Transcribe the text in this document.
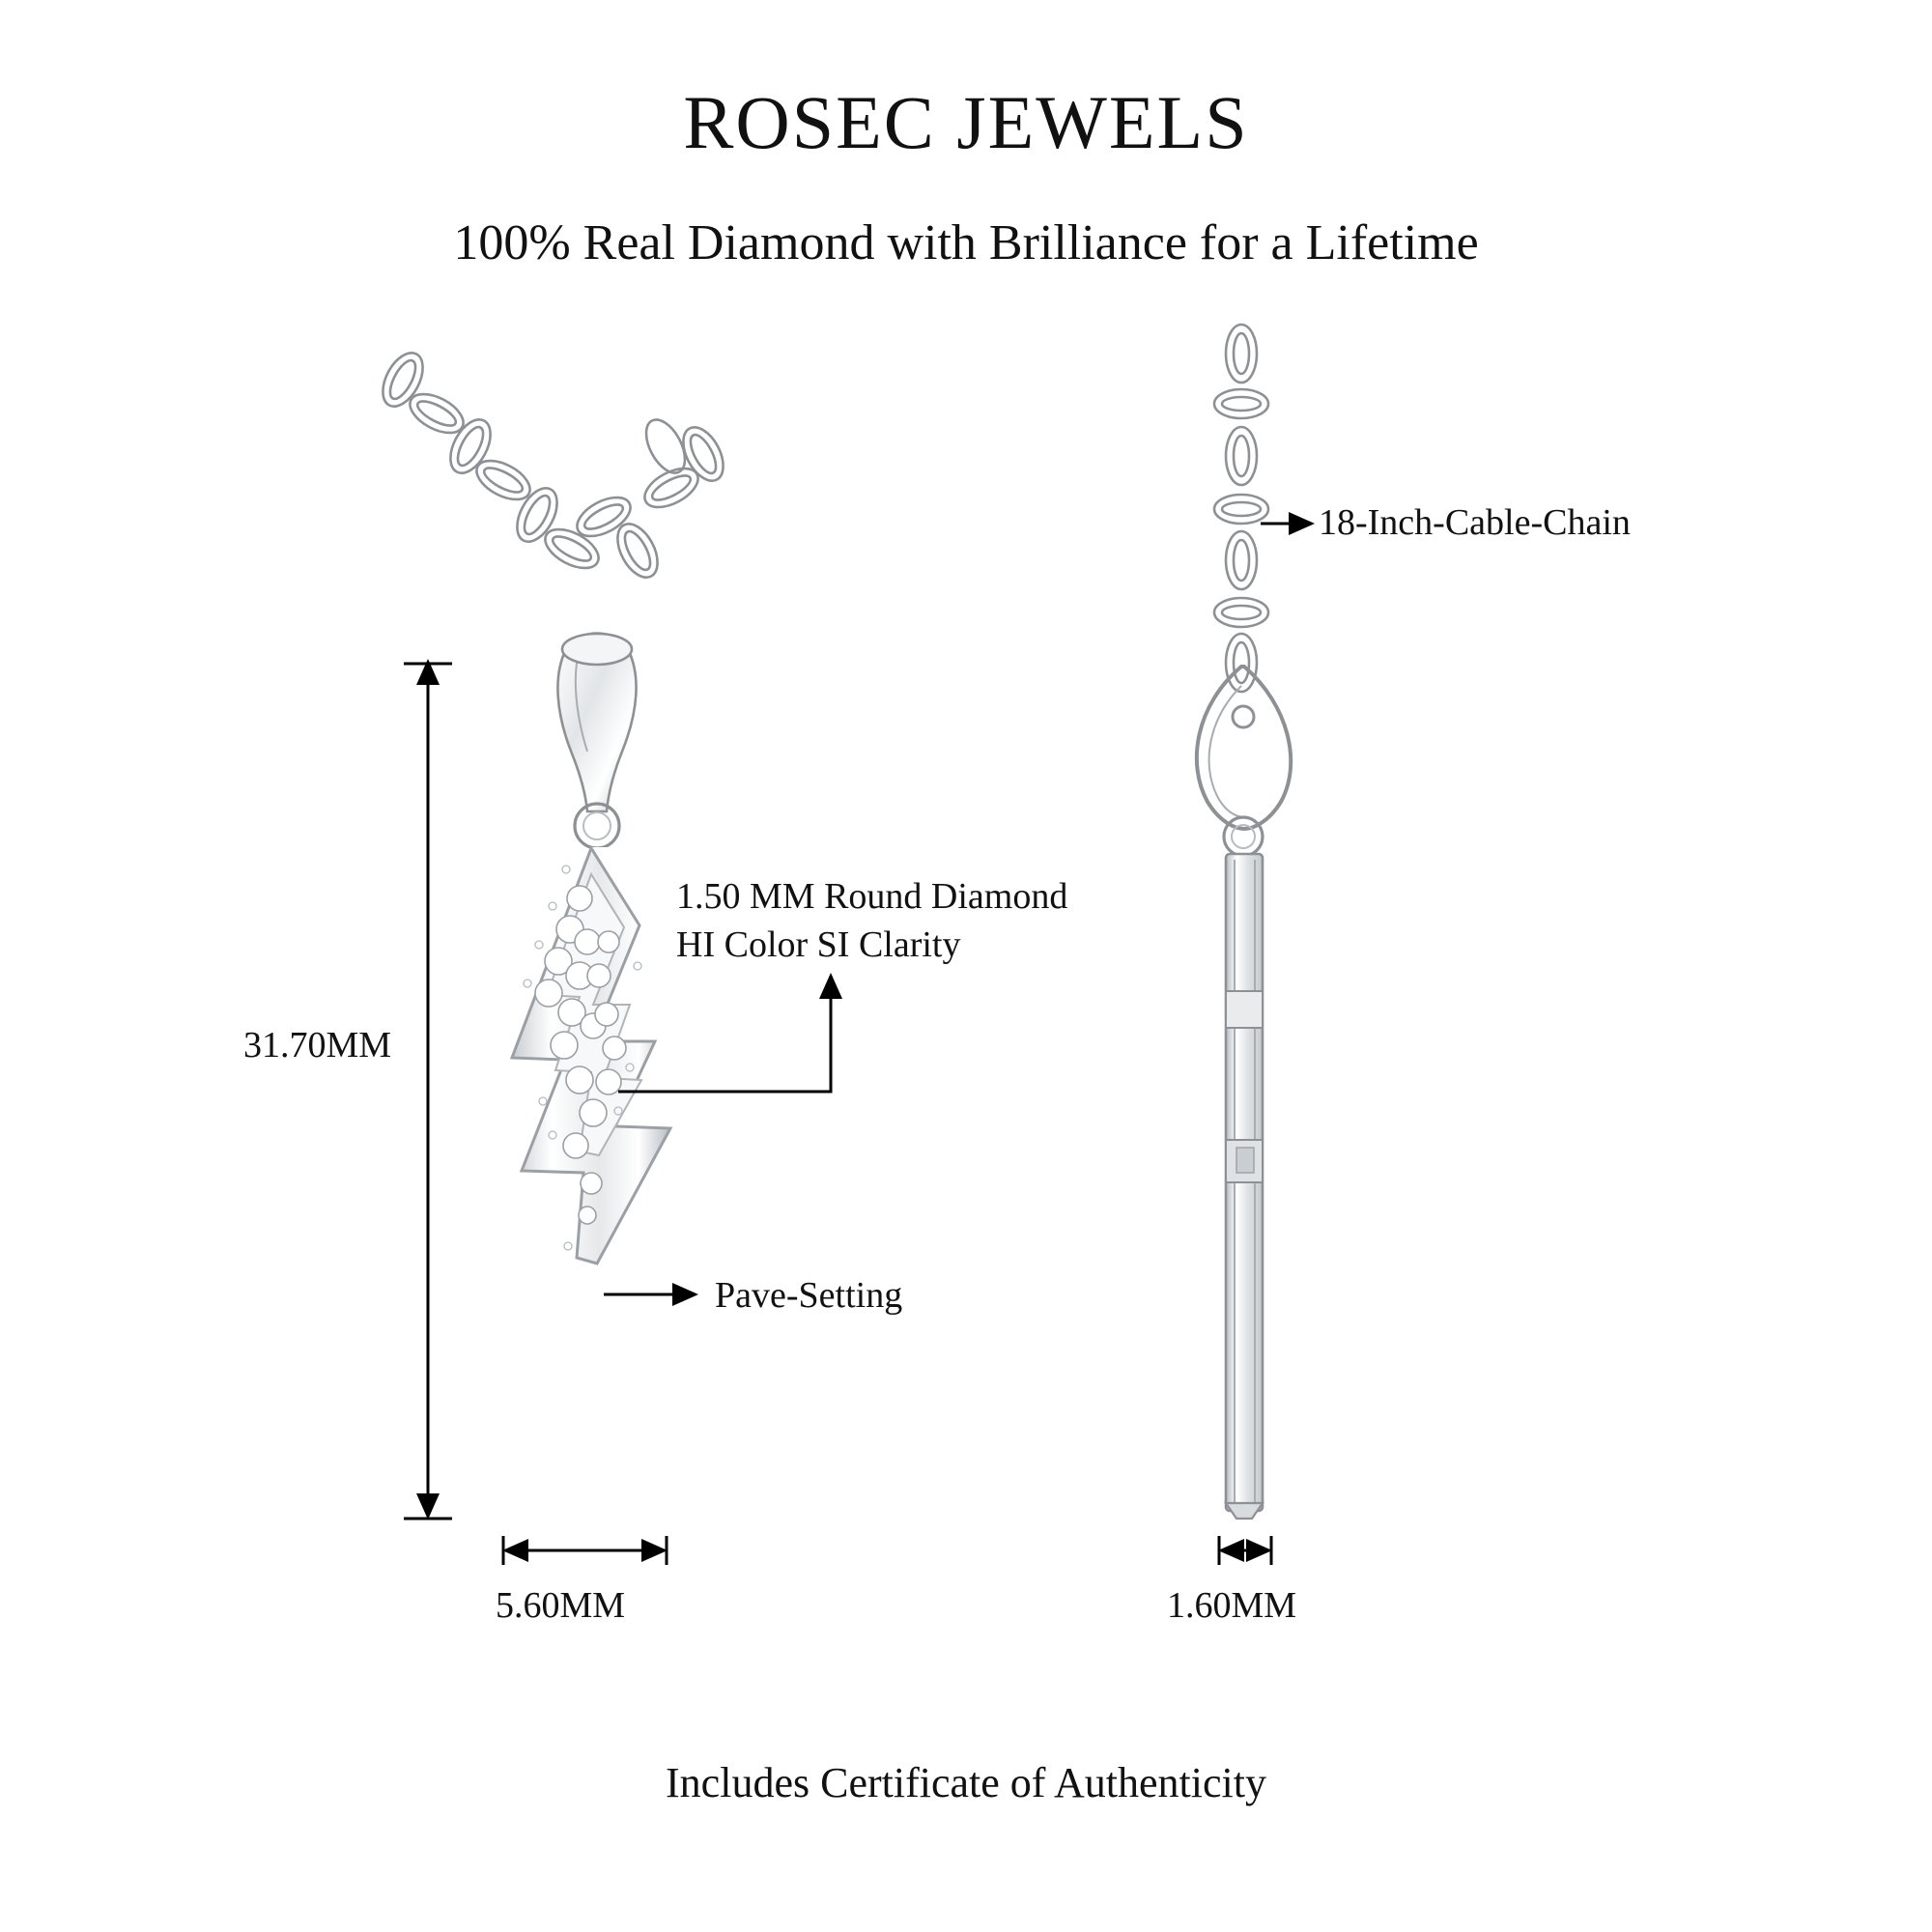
ROSEC JEWELS
100% Real Diamond with Brilliance for a Lifetime
18-Inch-Cable-Chain
1.50 MM Round Diamond
HI Color SI Clarity
Pave-Setting
31.70MM
5.60MM	1.60MM
Includes Certificate of Authenticity
